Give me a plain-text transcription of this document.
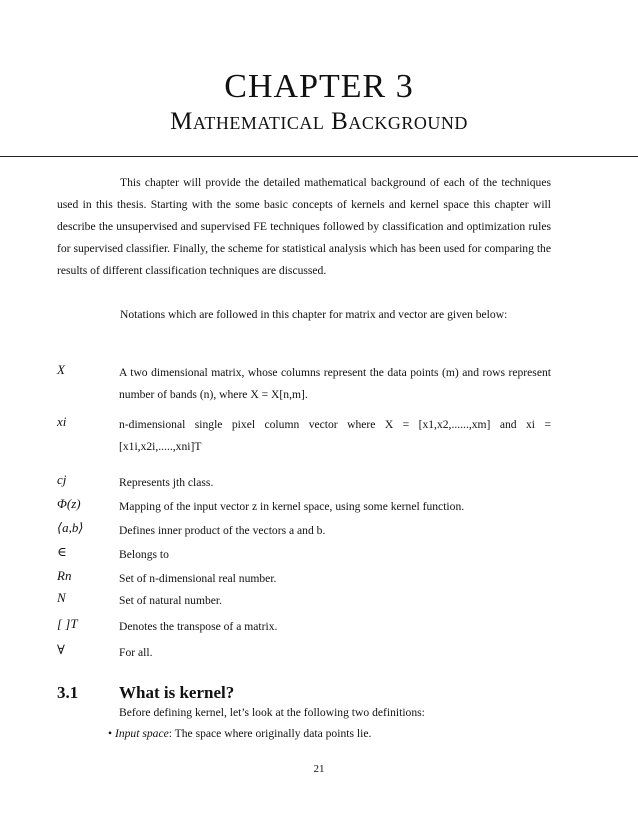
CHAPTER 3
Mathematical Background

This chapter will provide the detailed mathematical background of each of the techniques used in this thesis. Starting with the some basic concepts of kernels and kernel space this chapter will describe the unsupervised and supervised FE techniques followed by classification and optimization rules for supervised classifier. Finally, the scheme for statistical analysis which has been used for comparing the results of different classification techniques are discussed.

Notations which are followed in this chapter for matrix and vector are given below:

X	A two dimensional matrix, whose columns represent the data points (m) and rows represent number of bands (n), where X = X[n,m].
xi	n-dimensional single pixel column vector where X = [x1,x2,......,xm] and xi = [x1i,x2i,.....,xni]T
cj	Represents jth class.
Φ(z)	Mapping of the input vector z in kernel space, using some kernel function.
⟨a,b⟩	Defines inner product of the vectors a and b.
∈	Belongs to
Rn	Set of n-dimensional real number.
N	Set of natural number.
[ ]T	Denotes the transpose of a matrix.
∀	For all.
3.1 What is kernel?
Before defining kernel, let’s look at the following two definitions:
• Input space: The space where originally data points lie.
21
